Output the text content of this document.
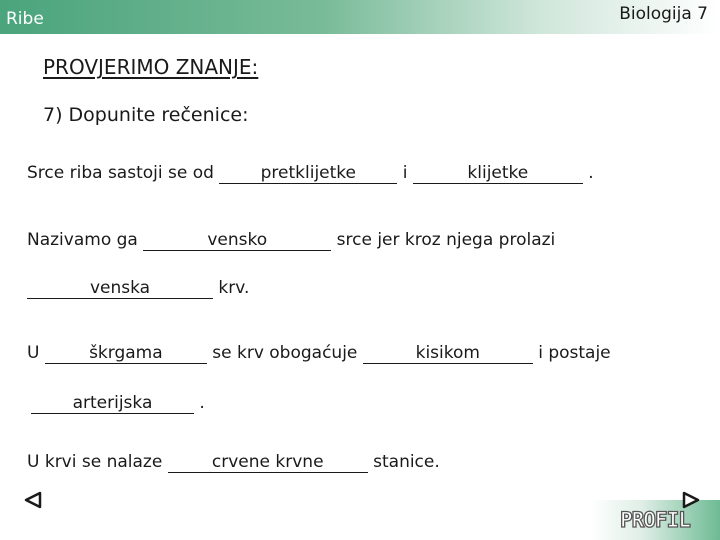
Ribe	Biologija 7
PROVJERIMO ZNANJE:
7) Dopunite rečenice:
Srce riba sastoji se od pretklijetke i	klijetke	.
Nazivamo ga	vensko	srce jer kroz njega prolazi
venska	krv.
U	škrgama	se krv obogaćuje	kisikom	i postaje
arterijska .
U krvi se nalaze	crvene krvne	stanice.
PROFIL
